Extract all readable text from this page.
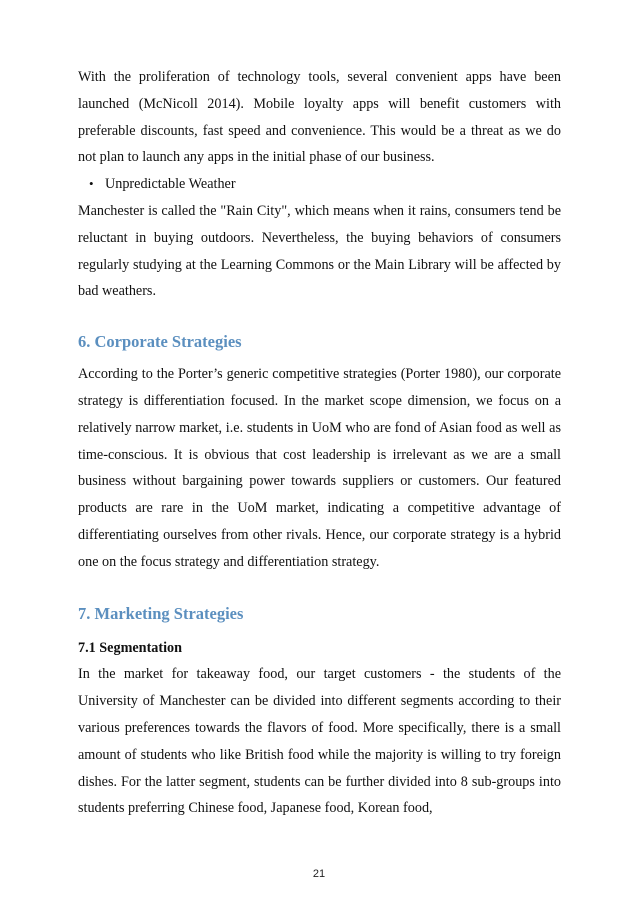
With the proliferation of technology tools, several convenient apps have been launched (McNicoll 2014). Mobile loyalty apps will benefit customers with preferable discounts, fast speed and convenience. This would be a threat as we do not plan to launch any apps in the initial phase of our business.

• Unpredictable Weather

Manchester is called the "Rain City", which means when it rains, consumers tend be reluctant in buying outdoors. Nevertheless, the buying behaviors of consumers regularly studying at the Learning Commons or the Main Library will be affected by bad weathers.

6. Corporate Strategies

According to the Porter’s generic competitive strategies (Porter 1980), our corporate strategy is differentiation focused. In the market scope dimension, we focus on a relatively narrow market, i.e. students in UoM who are fond of Asian food as well as time-conscious. It is obvious that cost leadership is irrelevant as we are a small business without bargaining power towards suppliers or customers. Our featured products are rare in the UoM market, indicating a competitive advantage of differentiating ourselves from other rivals. Hence, our corporate strategy is a hybrid one on the focus strategy and differentiation strategy.

7. Marketing Strategies
7.1 Segmentation

In the market for takeaway food, our target customers - the students of the University of Manchester can be divided into different segments according to their various preferences towards the flavors of food. More specifically, there is a small amount of students who like British food while the majority is willing to try foreign dishes. For the latter segment, students can be further divided into 8 sub-groups into students preferring Chinese food, Japanese food, Korean food,

21
